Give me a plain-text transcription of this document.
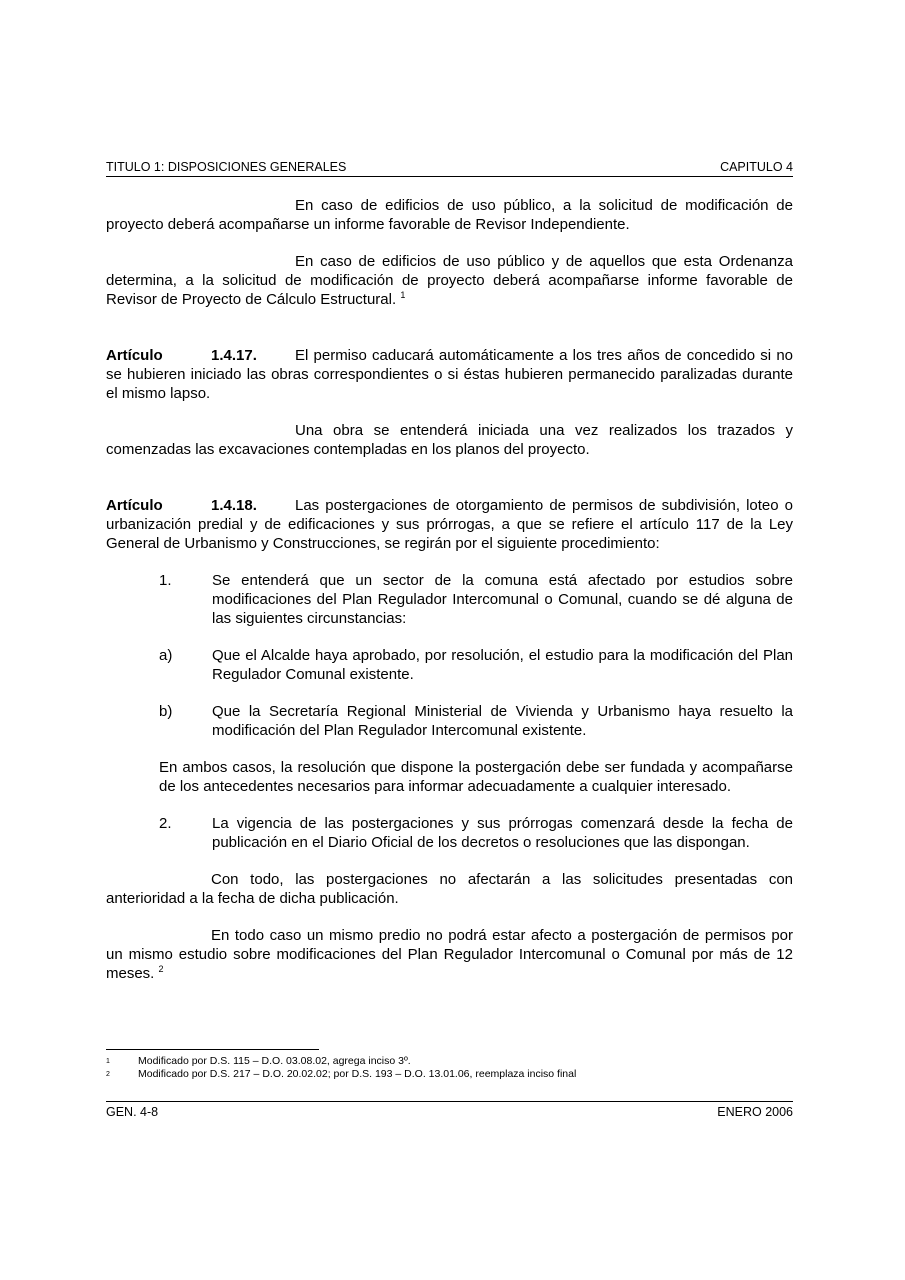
TITULO 1: DISPOSICIONES GENERALES	CAPITULO 4

En caso de edificios de uso público, a la solicitud de modificación de proyecto deberá acompañarse un informe favorable de Revisor Independiente.

En caso de edificios de uso público y de aquellos que esta Ordenanza determina, a la solicitud de modificación de proyecto deberá acompañarse informe favorable de Revisor de Proyecto de Cálculo Estructural. $^1$

Artículo	1.4.17.	El permiso caducará automáticamente a los tres años de concedido si no se hubieren iniciado las obras correspondientes o si éstas hubieren permanecido paralizadas durante el mismo lapso.

Una obra se entenderá iniciada una vez realizados los trazados y comenzadas las excavaciones contempladas en los planos del proyecto.

Artículo	1.4.18.	Las postergaciones de otorgamiento de permisos de subdivisión, loteo o urbanización predial y de edificaciones y sus prórrogas, a que se refiere el artículo 117 de la Ley General de Urbanismo y Construcciones, se regirán por el siguiente procedimiento:

1.	Se entenderá que un sector de la comuna está afectado por estudios sobre modificaciones del Plan Regulador Intercomunal o Comunal, cuando se dé alguna de las siguientes circunstancias:
a)	Que el Alcalde haya aprobado, por resolución, el estudio para la modificación del Plan Regulador Comunal existente.
b)	Que la Secretaría Regional Ministerial de Vivienda y Urbanismo haya resuelto la modificación del Plan Regulador Intercomunal existente.

En ambos casos, la resolución que dispone la postergación debe ser fundada y acompañarse de los antecedentes necesarios para informar adecuadamente a cualquier interesado.

2.	La vigencia de las postergaciones y sus prórrogas comenzará desde la fecha de publicación en el Diario Oficial de los decretos o resoluciones que las dispongan.

Con todo, las postergaciones no afectarán a las solicitudes presentadas con anterioridad a la fecha de dicha publicación.

En todo caso un mismo predio no podrá estar afecto a postergación de permisos por un mismo estudio sobre modificaciones del Plan Regulador Intercomunal o Comunal por más de 12 meses. $^2$

1	Modificado por D.S. 115 – D.O. 03.08.02, agrega inciso 3º.
2	Modificado por D.S. 217 – D.O. 20.02.02; por D.S. 193 – D.O. 13.01.06, reemplaza inciso final
GEN. 4-8	ENERO 2006
